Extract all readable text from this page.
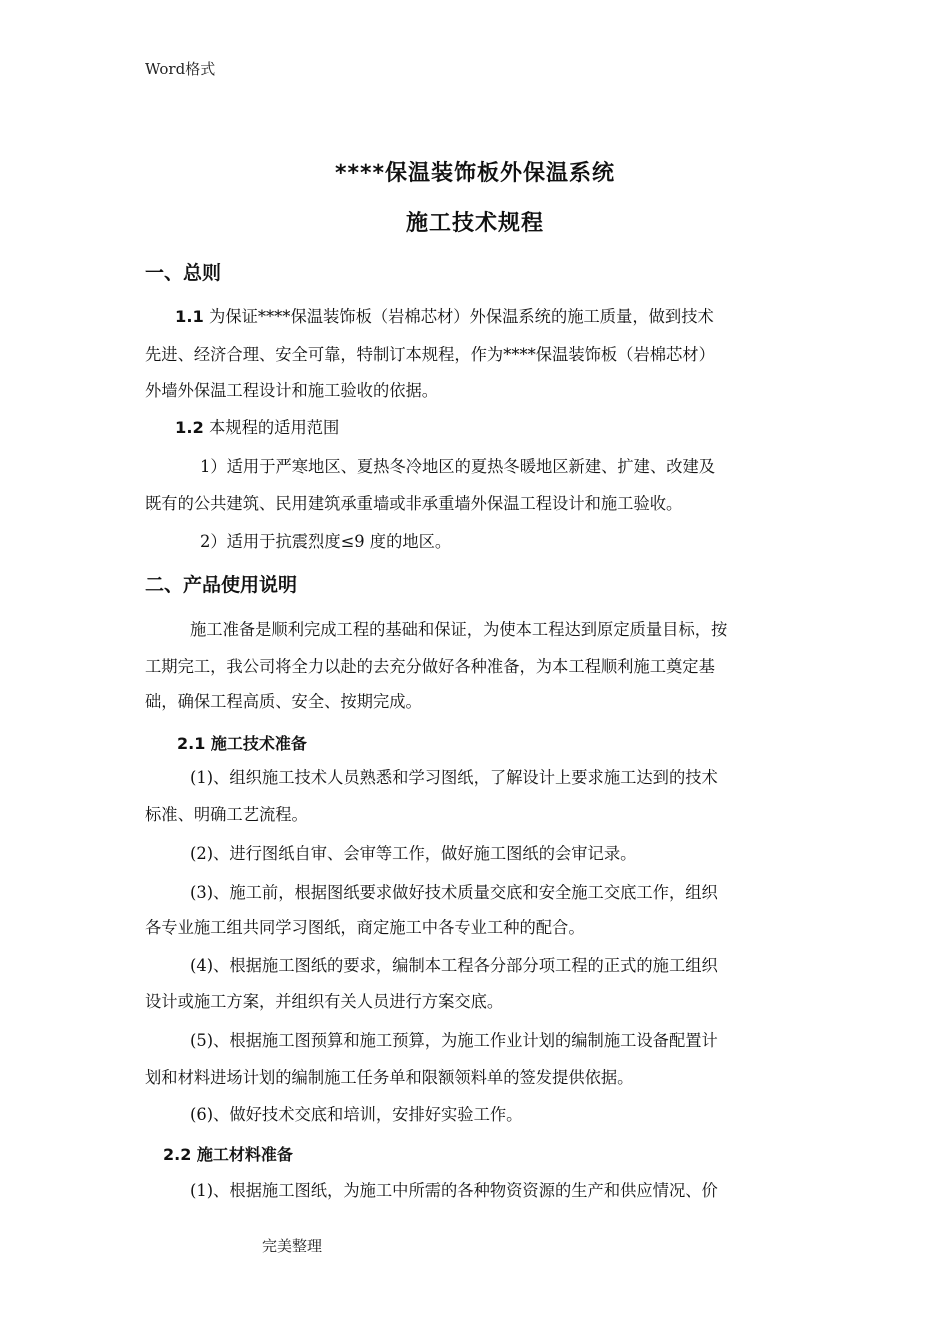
Word格式
****保温装饰板外保温系统
施工技术规程
一、总则
1.1 为保证****保温装饰板（岩棉芯材）外保温系统的施工质量，做到技术
先进、经济合理、安全可靠，特制订本规程，作为****保温装饰板（岩棉芯材）
外墙外保温工程设计和施工验收的依据。
1.2 本规程的适用范围
1）适用于严寒地区、夏热冬冷地区的夏热冬暖地区新建、扩建、改建及
既有的公共建筑、民用建筑承重墙或非承重墙外保温工程设计和施工验收。
2）适用于抗震烈度≤9 度的地区。
二、产品使用说明
施工准备是顺利完成工程的基础和保证，为使本工程达到原定质量目标，按
工期完工，我公司将全力以赴的去充分做好各种准备，为本工程顺利施工奠定基
础，确保工程高质、安全、按期完成。
2.1 施工技术准备
(1)、组织施工技术人员熟悉和学习图纸，了解设计上要求施工达到的技术
标准、明确工艺流程。
(2)、进行图纸自审、会审等工作，做好施工图纸的会审记录。
(3)、施工前，根据图纸要求做好技术质量交底和安全施工交底工作，组织
各专业施工组共同学习图纸，商定施工中各专业工种的配合。
(4)、根据施工图纸的要求，编制本工程各分部分项工程的正式的施工组织
设计或施工方案，并组织有关人员进行方案交底。
(5)、根据施工图预算和施工预算，为施工作业计划的编制施工设备配置计
划和材料进场计划的编制施工任务单和限额领料单的签发提供依据。
(6)、做好技术交底和培训，安排好实验工作。
2.2 施工材料准备
(1)、根据施工图纸，为施工中所需的各种物资资源的生产和供应情况、价
完美整理
